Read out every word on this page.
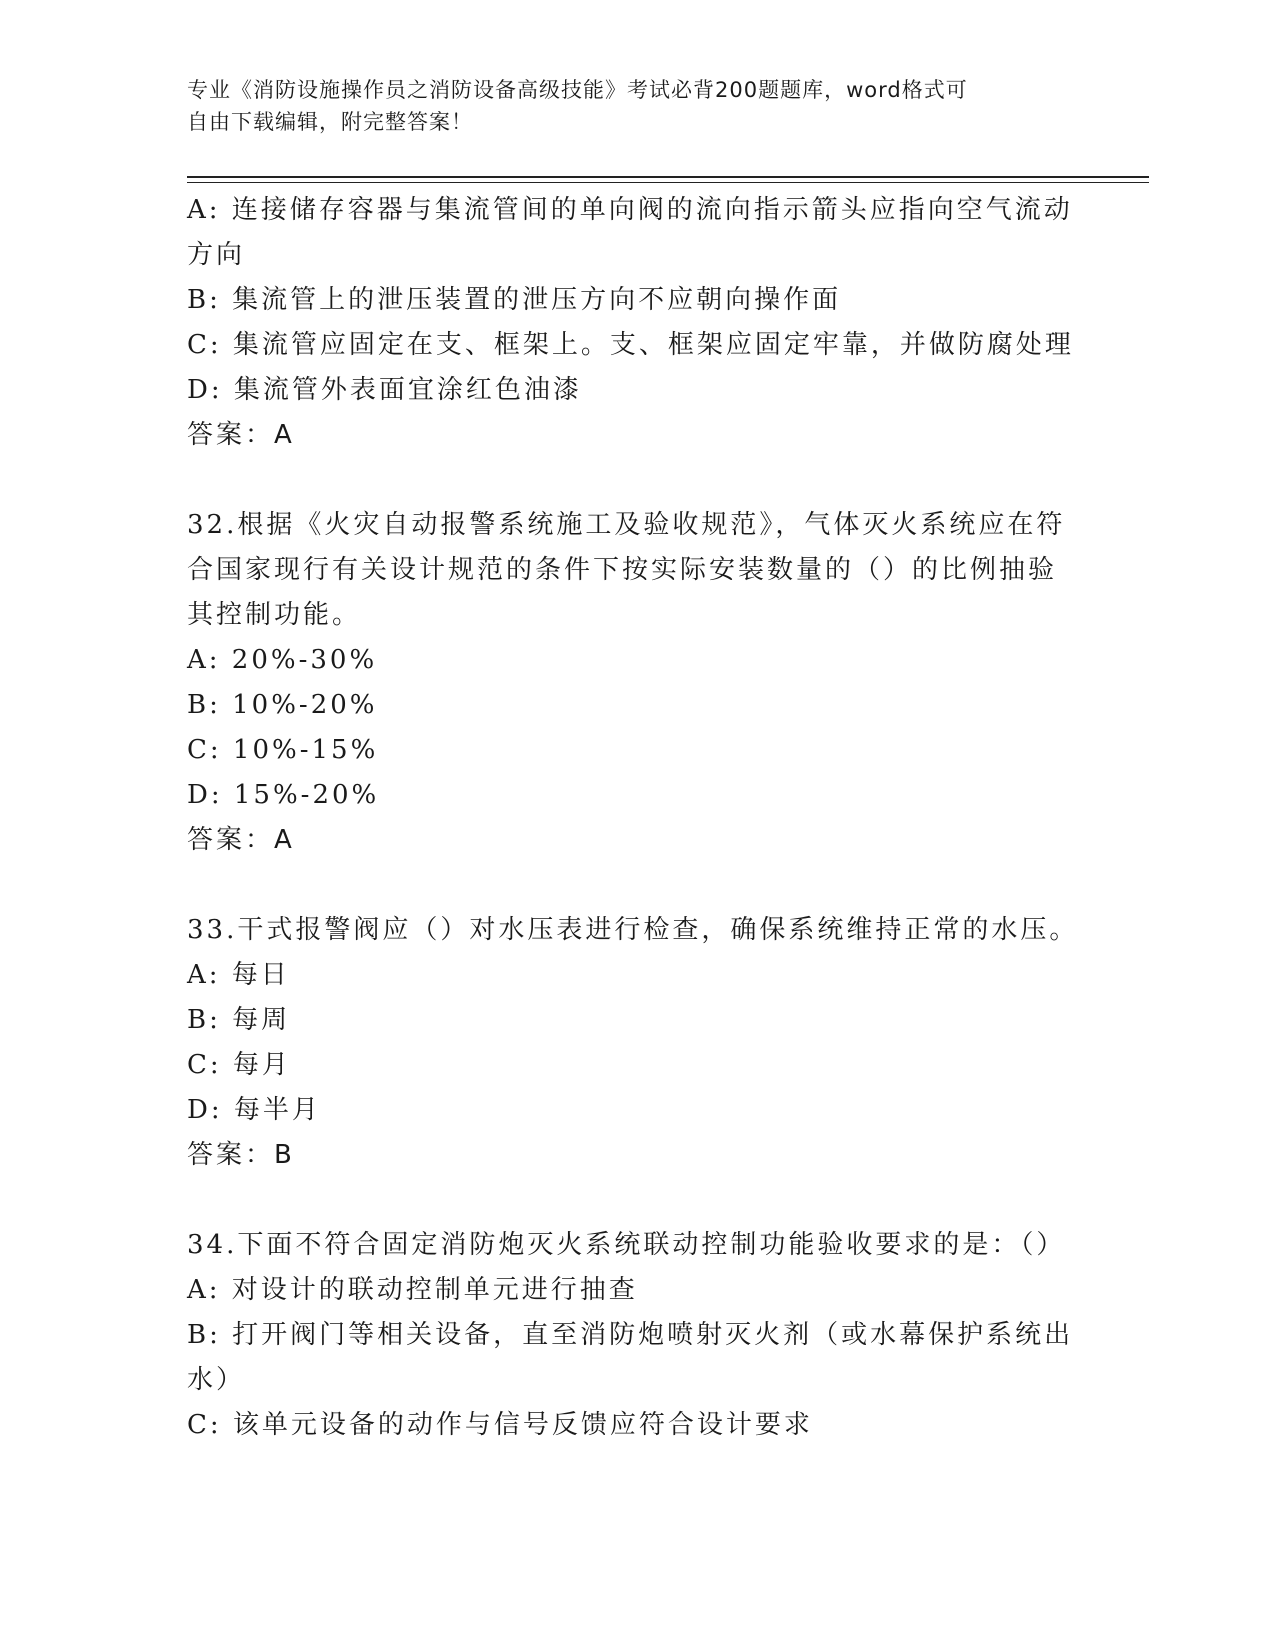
专业《消防设施操作员之消防设备高级技能》考试必背200题题库，word格式可
自由下载编辑，附完整答案！
A: 连接储存容器与集流管间的单向阀的流向指示箭头应指向空气流动方向
B: 集流管上的泄压装置的泄压方向不应朝向操作面
C: 集流管应固定在支、框架上。支、框架应固定牢靠，并做防腐处理
D: 集流管外表面宜涂红色油漆
答案：A
32.根据《火灾自动报警系统施工及验收规范》，气体灭火系统应在符合国家现行有关设计规范的条件下按实际安装数量的（）的比例抽验其控制功能。
A: 20%-30%
B: 10%-20%
C: 10%-15%
D: 15%-20%
答案：A
33.干式报警阀应（）对水压表进行检查，确保系统维持正常的水压。
A: 每日
B: 每周
C: 每月
D: 每半月
答案：B
34.下面不符合固定消防炮灭火系统联动控制功能验收要求的是：（）
A: 对设计的联动控制单元进行抽查
B: 打开阀门等相关设备，直至消防炮喷射灭火剂（或水幕保护系统出水）
C: 该单元设备的动作与信号反馈应符合设计要求
